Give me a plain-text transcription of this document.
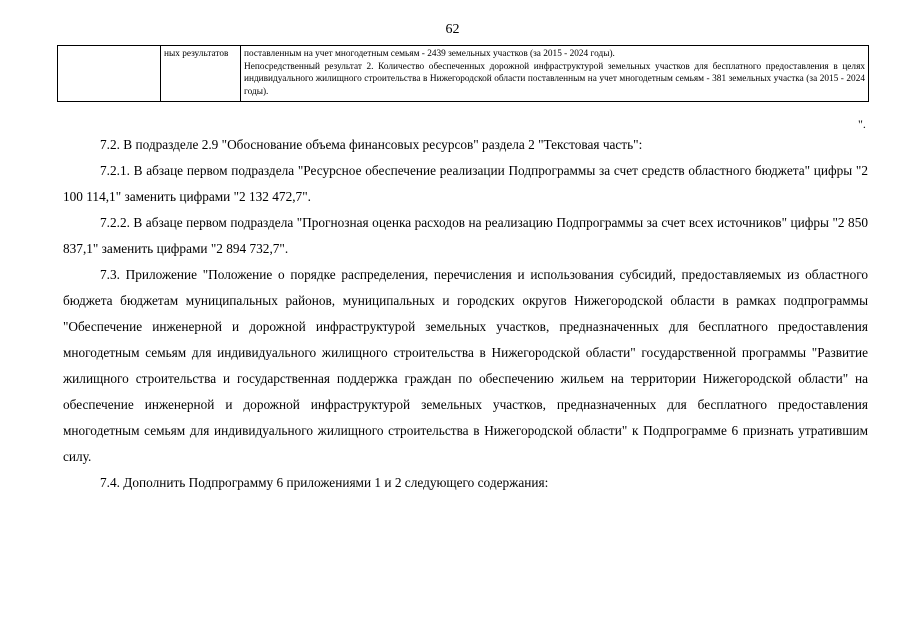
62

ных результатов	поставленным на учет многодетным семьям - 2439 земельных участков (за 2015 - 2024 годы).

Непосредственный результат 2. Количество обеспеченных дорожной инфраструктурой земельных участков для бесплатного предоставления в целях индивидуального жилищного строительства в Нижегородской области поставленным на учет многодетным семьям - 381 земельных участка (за 2015 - 2024 годы).

".

7.2. В подразделе 2.9 "Обоснование объема финансовых ресурсов" раздела 2 "Текстовая часть":

7.2.1. В абзаце первом подраздела "Ресурсное обеспечение реализации Подпрограммы за счет средств областного бюджета" цифры "2 100 114,1" заменить цифрами "2 132 472,7".

7.2.2. В абзаце первом подраздела "Прогнозная оценка расходов на реализацию Подпрограммы за счет всех источников" цифры "2 850 837,1" заменить цифрами "2 894 732,7".

7.3. Приложение "Положение о порядке распределения, перечисления и использования субсидий, предоставляемых из областного бюджета бюджетам муниципальных районов, муниципальных и городских округов Нижегородской области в рамках подпрограммы "Обеспечение инженерной и дорожной инфраструктурой земельных участков, предназначенных для бесплатного предоставления многодетным семьям для индивидуального жилищного строительства в Нижегородской области" государственной программы "Развитие жилищного строительства и государственная поддержка граждан по обеспечению жильем на территории Нижегородской области" на обеспечение инженерной и дорожной инфраструктурой земельных участков, предназначенных для бесплатного предоставления многодетным семьям для индивидуального жилищного строительства в Нижегородской области" к Подпрограмме 6 признать утратившим силу.

7.4. Дополнить Подпрограмму 6 приложениями 1 и 2 следующего содержания:
